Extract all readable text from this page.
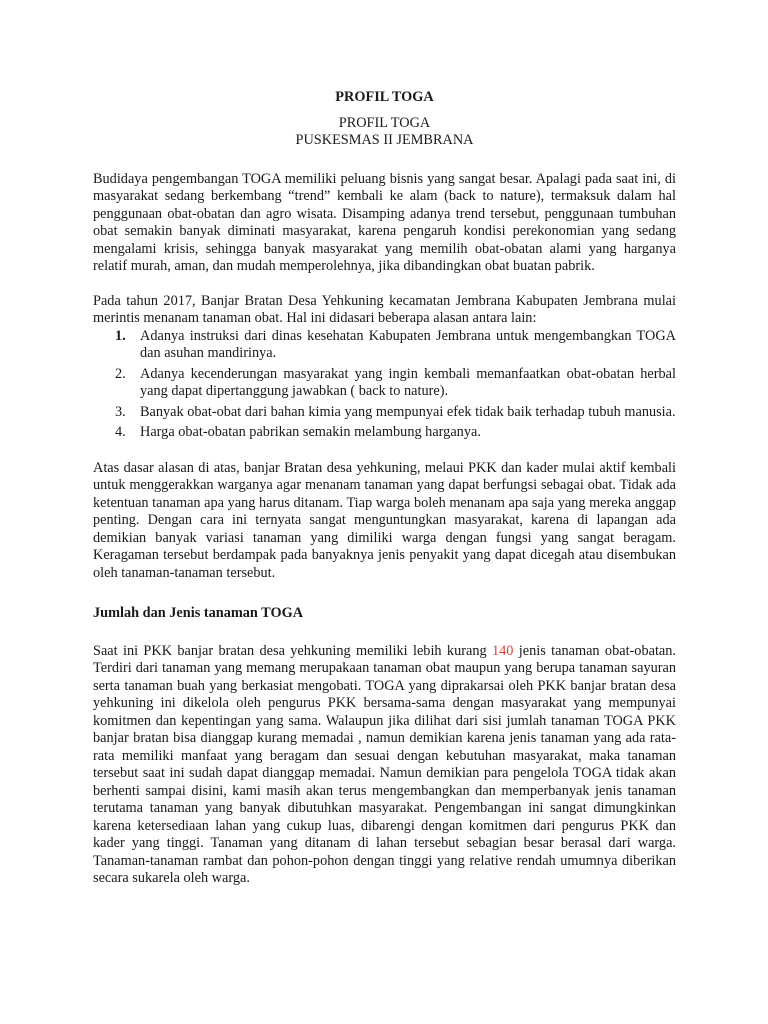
PROFIL TOGA

PROFIL TOGA

PUSKESMAS II JEMBRANA

Budidaya pengembangan TOGA memiliki peluang bisnis yang sangat besar. Apalagi pada saat ini, di masyarakat sedang berkembang “trend” kembali ke alam (back to nature), termaksuk dalam hal penggunaan obat-obatan dan agro wisata. Disamping adanya trend tersebut, penggunaan tumbuhan obat semakin banyak diminati masyarakat, karena pengaruh kondisi perekonomian yang sedang mengalami krisis, sehingga banyak masyarakat yang memilih obat-obatan alami yang harganya relatif murah, aman, dan mudah memperolehnya, jika dibandingkan obat buatan pabrik.

Pada tahun 2017, Banjar Bratan Desa Yehkuning kecamatan Jembrana Kabupaten Jembrana mulai merintis menanam tanaman obat. Hal ini didasari beberapa alasan antara lain:

1. Adanya instruksi dari dinas kesehatan Kabupaten Jembrana untuk mengembangkan TOGA dan asuhan mandirinya.
2. Adanya kecenderungan masyarakat yang ingin kembali memanfaatkan obat-obatan herbal yang dapat dipertanggung jawabkan ( back to nature).
3. Banyak obat-obat dari bahan kimia yang mempunyai efek tidak baik terhadap tubuh manusia.
4. Harga obat-obatan pabrikan semakin melambung harganya.

Atas dasar alasan di atas, banjar Bratan desa yehkuning, melaui PKK dan kader mulai aktif kembali untuk menggerakkan warganya agar menanam tanaman yang dapat berfungsi sebagai obat. Tidak ada ketentuan tanaman apa yang harus ditanam. Tiap warga boleh menanam apa saja yang mereka anggap penting. Dengan cara ini ternyata sangat menguntungkan masyarakat, karena di lapangan ada demikian banyak variasi tanaman yang dimiliki warga dengan fungsi yang sangat beragam. Keragaman tersebut berdampak pada banyaknya jenis penyakit yang dapat dicegah atau disembukan oleh tanaman-tanaman tersebut.

Jumlah dan Jenis tanaman TOGA

Saat ini PKK banjar bratan desa yehkuning memiliki lebih kurang 140 jenis tanaman obat-obatan. Terdiri dari tanaman yang memang merupakaan tanaman obat maupun yang berupa tanaman sayuran serta tanaman buah yang berkasiat mengobati. TOGA yang diprakarsai oleh PKK banjar bratan desa yehkuning ini dikelola oleh pengurus PKK bersama-sama dengan masyarakat yang mempunyai komitmen dan kepentingan yang sama. Walaupun jika dilihat dari sisi jumlah tanaman TOGA PKK banjar bratan bisa dianggap kurang memadai , namun demikian karena jenis tanaman yang ada rata-rata memiliki manfaat yang beragam dan sesuai dengan kebutuhan masyarakat, maka tanaman tersebut saat ini sudah dapat dianggap memadai. Namun demikian para pengelola TOGA tidak akan berhenti sampai disini, kami masih akan terus mengembangkan dan memperbanyak jenis tanaman terutama tanaman yang banyak dibutuhkan masyarakat. Pengembangan ini sangat dimungkinkan karena ketersediaan lahan yang cukup luas, dibarengi dengan komitmen dari pengurus PKK dan kader yang tinggi. Tanaman yang ditanam di lahan tersebut sebagian besar berasal dari warga. Tanaman-tanaman rambat dan pohon-pohon dengan tinggi yang relative rendah umumnya diberikan secara sukarela oleh warga.
